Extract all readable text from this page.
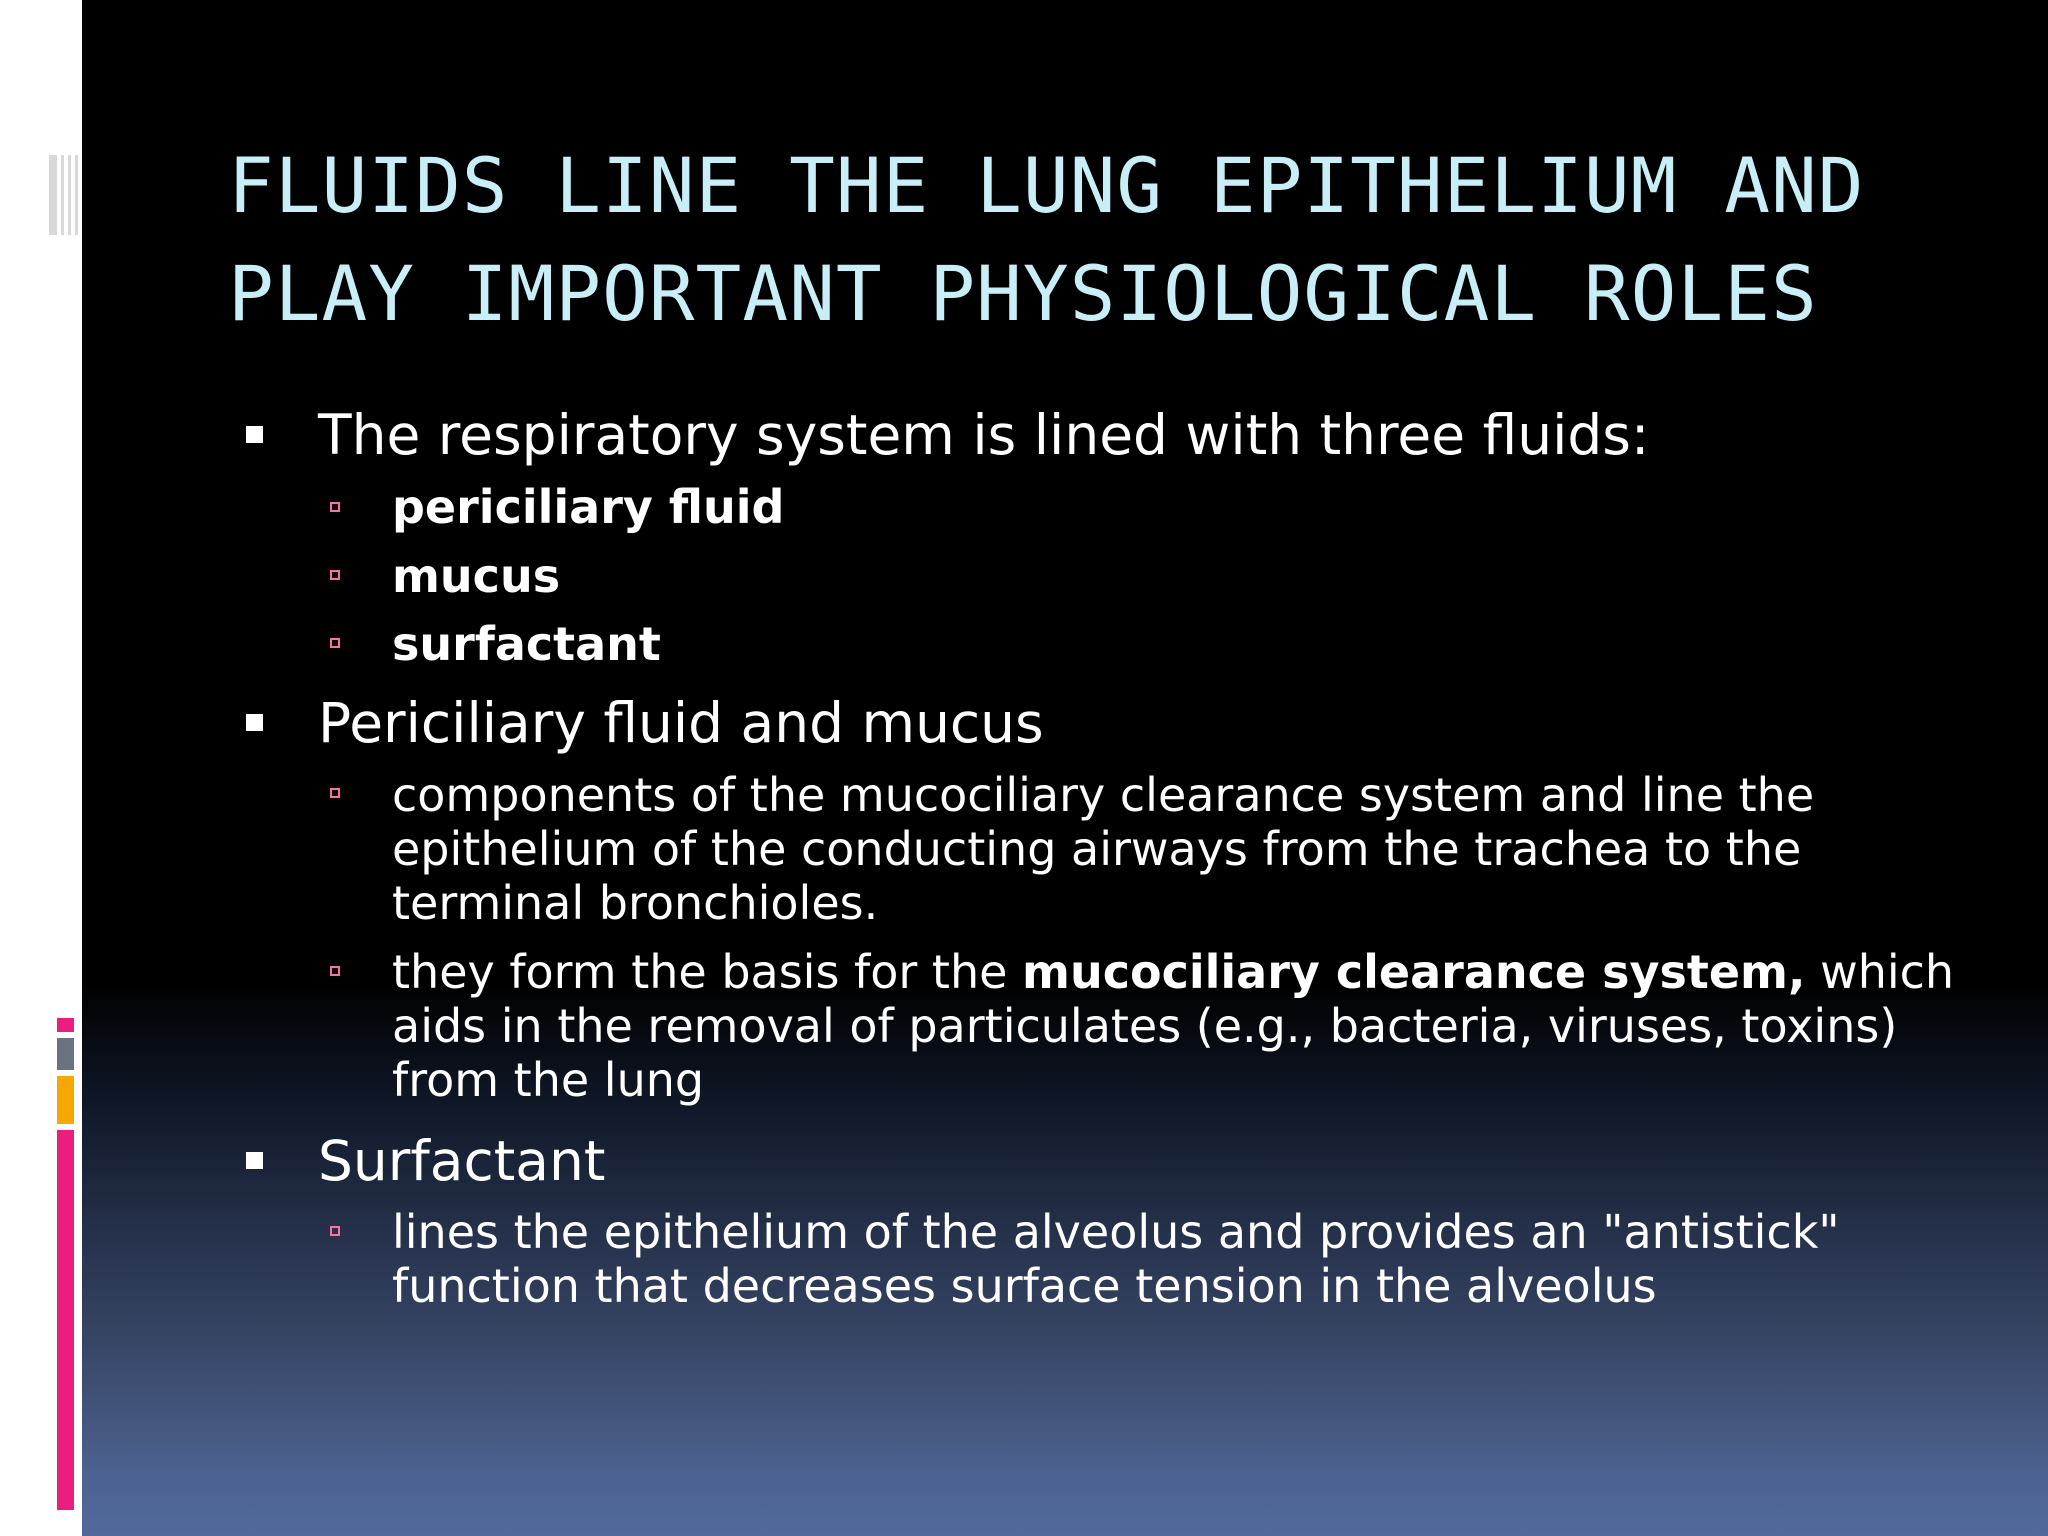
FLUIDS LINE THE LUNG EPITHELIUM AND
PLAY IMPORTANT PHYSIOLOGICAL ROLES
The respiratory system is lined with three fluids:
periciliary fluid
mucus
surfactant
Periciliary fluid and mucus
components of the mucociliary clearance system and line the
epithelium of the conducting airways from the trachea to the
terminal bronchioles.
they form the basis for the mucociliary clearance system, which
aids in the removal of particulates (e.g., bacteria, viruses, toxins)
from the lung
Surfactant
lines the epithelium of the alveolus and provides an "antistick"
function that decreases surface tension in the alveolus
